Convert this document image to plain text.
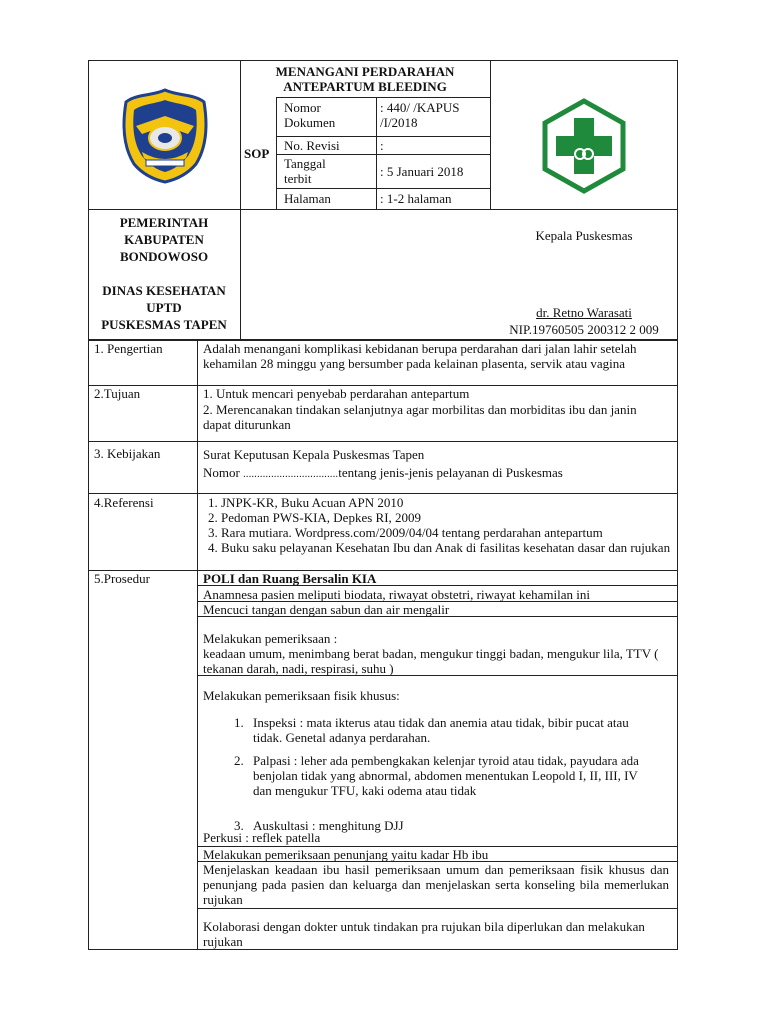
MENANGANI PERDARAHAN
ANTEPARTUM BLEEDING
SOP
Nomor Dokumen
: 440/ /KAPUS /I/2018
No. Revisi	:
Tanggal terbit	: 5 Januari 2018
Halaman	: 1-2 halaman
PEMERINTAH
KABUPATEN
BONDOWOSO
DINAS KESEHATAN
UPTD
PUSKESMAS TAPEN
Kepala Puskesmas
dr. Retno Warasati
NIP.19760505 200312 2 009
1. Pengertian	Adalah menangani komplikasi kebidanan berupa perdarahan dari jalan lahir setelah kehamilan 28 minggu yang bersumber pada kelainan plasenta, servik atau vagina
2.Tujuan	1. Untuk mencari penyebab perdarahan antepartum
2. Merencanakan tindakan selanjutnya agar morbilitas dan morbiditas ibu dan janin dapat diturunkan
3. Kebijakan	Surat Keputusan Kepala Puskesmas Tapen
Nomor ..................................tentang jenis-jenis pelayanan di Puskesmas
4.Referensi
1.	JNPK-KR, Buku Acuan APN 2010
2. Pedoman PWS-KIA, Depkes RI, 2009
3. Rara mutiara. Wordpress.com/2009/04/04 tentang perdarahan antepartum
4. Buku saku pelayanan Kesehatan Ibu dan Anak di fasilitas kesehatan dasar dan rujukan
5.Prosedur	POLI dan Ruang Bersalin KIA
Anamnesa pasien meliputi biodata, riwayat obstetri, riwayat kehamilan ini
Mencuci tangan dengan sabun dan air mengalir
Melakukan pemeriksaan :
keadaan umum, menimbang berat badan, mengukur tinggi badan, mengukur lila, TTV ( tekanan darah, nadi, respirasi, suhu )
Melakukan pemeriksaan fisik khusus:
1. Inspeksi : mata ikterus atau tidak dan anemia atau tidak, bibir pucat atau tidak. Genetal adanya perdarahan.
2. Palpasi : leher ada pembengkakan kelenjar tyroid atau tidak, payudara ada benjolan tidak yang abnormal, abdomen menentukan Leopold I, II, III, IV dan mengukur TFU, kaki odema atau tidak
3. Auskultasi : menghitung DJJ
Perkusi : reflek patella
Melakukan pemeriksaan penunjang yaitu kadar Hb ibu
Menjelaskan keadaan ibu hasil pemeriksaan umum dan pemeriksaan fisik khusus dan penunjang pada pasien dan keluarga dan menjelaskan serta konseling bila memerlukan rujukan
Kolaborasi dengan dokter untuk tindakan pra rujukan bila diperlukan dan melakukan rujukan
